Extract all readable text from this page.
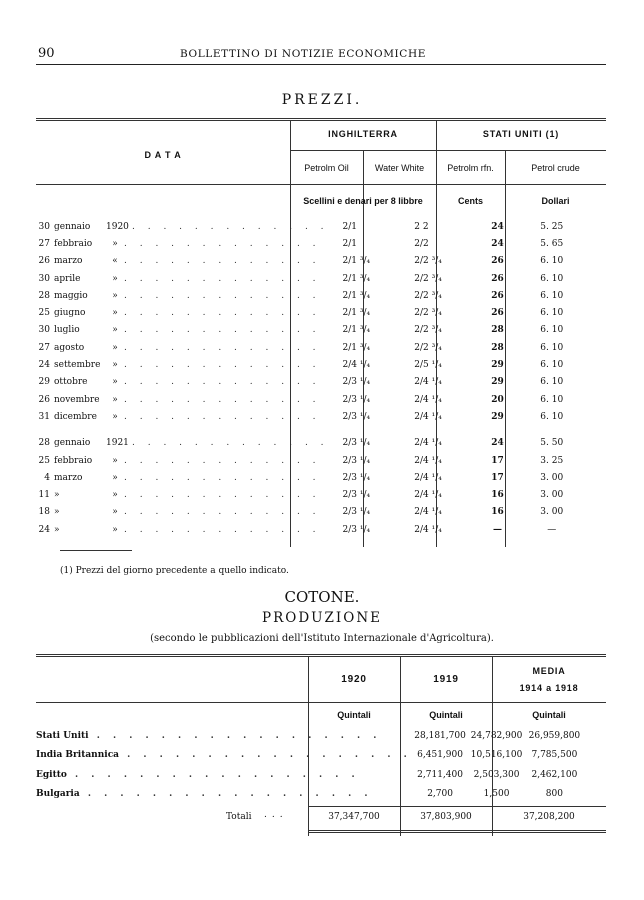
90	BOLLETTINO DI NOTIZIE ECONOMICHE
PREZZI.
D A T A
INGHILTERRA	STATI UNITI (1)
Petrolm Oil	Water White	Petrolm rfn.	Petrol crude
Scellini e denari per 8 libbre	Cents	Dollari
30 gennaio 1920 . . . . . . . . . . . . .	2/1	2 2	24	5. 25
27 febbraio » . . . . . . . . . . . . .	2/1	2/2	24	5. 65
26 marzo « . . . . . . . . . . . . .	2/1 ³/₄	2/2 ³/₄	26	6. 10
30 aprile » . . . . . . . . . . . . .	2/1 ³/₄	2/2 ³/₄	26	6. 10
28 maggio » . . . . . . . . . . . . .	2/1 ³/₄	2/2 ³/₄	26	6. 10
25 giugno » . . . . . . . . . . . . .	2/1 ³/₄	2/2 ³/₄	26	6. 10
30 luglio » . . . . . . . . . . . . .	2/1 ³/₄	2/2 ³/₄	28	6. 10
27 agosto » . . . . . . . . . . . . .	2/1 ³/₄	2/2 ³/₄	28	6. 10
24 settembre » . . . . . . . . . . . . .	2/4 ¹/₄	2/5 ¹/₄	29	6. 10
29 ottobre » . . . . . . . . . . . . .	2/3 ¹/₄	2/4 ¹/₄	29	6. 10
26 novembre » . . . . . . . . . . . . .	2/3 ¹/₄	2/4 ¹/₄	20	6. 10
31 dicembre » . . . . . . . . . . . . .	2/3 ¹/₄	2/4 ¹/₄	29	6. 10

28 gennaio 1921 . . . . . . . . . . . . .	2/3 ¹/₄	2/4 ¹/₄	24	5. 50
25 febbraio » . . . . . . . . . . . . .	2/3 ¹/₄	2/4 ¹/₄	17	3. 25
4 marzo » . . . . . . . . . . . . .	2/3 ¹/₄	2/4 ¹/₄	17	3. 00
11 » » . . . . . . . . . . . . .	2/3 ¹/₄	2/4 ¹/₄	16	3. 00
18 » » . . . . . . . . . . . . .	2/3 ¹/₄	2/4 ¹/₄	16	3. 00
24 » » . . . . . . . . . . . . .	2/3 ¹/₄	2/4 ¹/₄	—	—
(1) Prezzi del giorno precedente a quello indicato.
COTONE.
PRODUZIONE
(secondo le pubblicazioni dell'Istituto Internazionale d'Agricoltura).
1920	1919
MEDIA
1914 a 1918
Quintali	Quintali	Quintali
Stati Uniti . . . . . . . . . . . . . . . . . .	28,181,700	24,782,900	26,959,800
India Britannica . . . . . . . . . . . . . . . . . .	6,451,900	10,516,100	7,785,500
Egitto . . . . . . . . . . . . . . . . . .	2,711,400	2,503,300	2,462,100
Bulgaria . . . . . . . . . . . . . . . . . .	2,700	1,500	800
Totali ...	37,347,700	37,803,900	37,208,200
